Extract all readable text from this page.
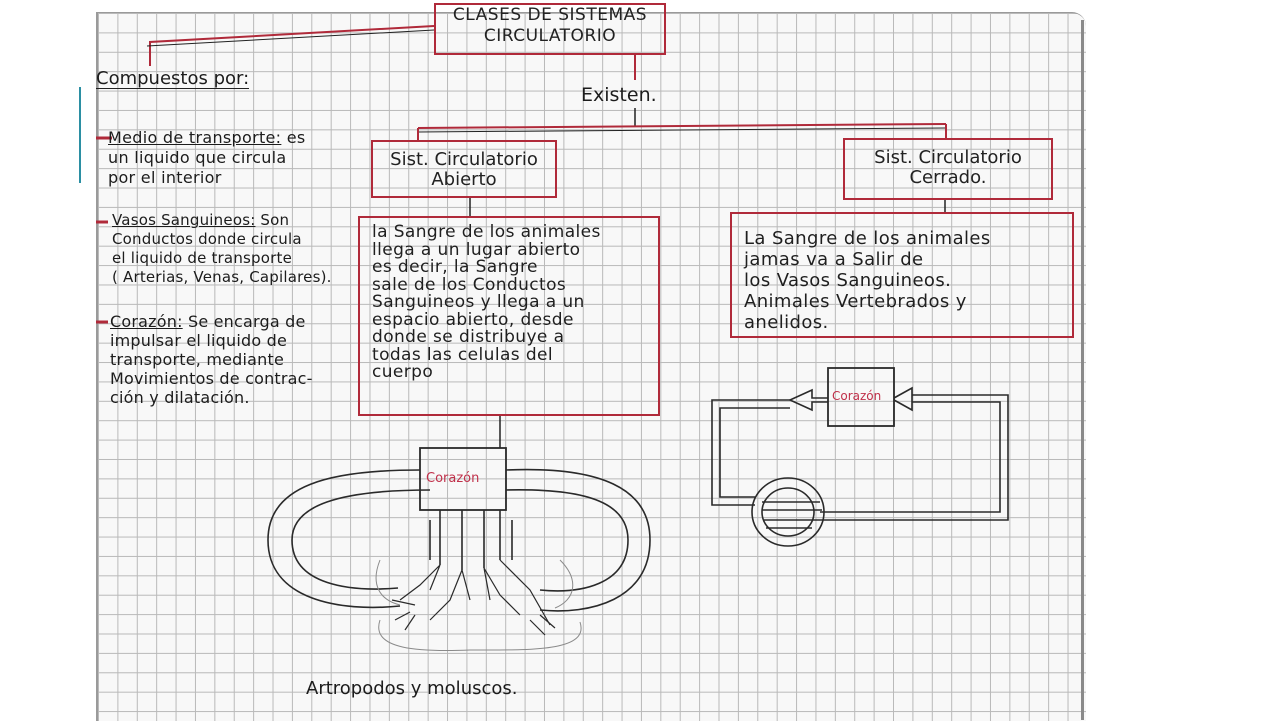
CLASES DE SISTEMAS
CIRCULATORIO

Compuestos por:

Medio de transporte: es
un liquido que circula
por el interior
Vasos Sanguineos: Son
Conductos donde circula
el liquido de transporte
( Arterias, Venas, Capilares).
Corazón: Se encarga de
impulsar el liquido de
transporte, mediante
Movimientos de contrac-
ción y dilatación.

Existen.

Sist. Circulatorio
Abierto
Sist. Circulatorio
Cerrado.

la Sangre de los animales

llega a un lugar abierto

es decir, la Sangre

sale de los Conductos

Sanguineos y llega a un

espacio abierto, desde

donde se distribuye a

todas las celulas del

cuerpo

La Sangre de los animales

jamas va a Salir de

los Vasos Sanguineos.

Animales Vertebrados y

anelidos.

Corazón

Corazón

Artropodos y moluscos.
